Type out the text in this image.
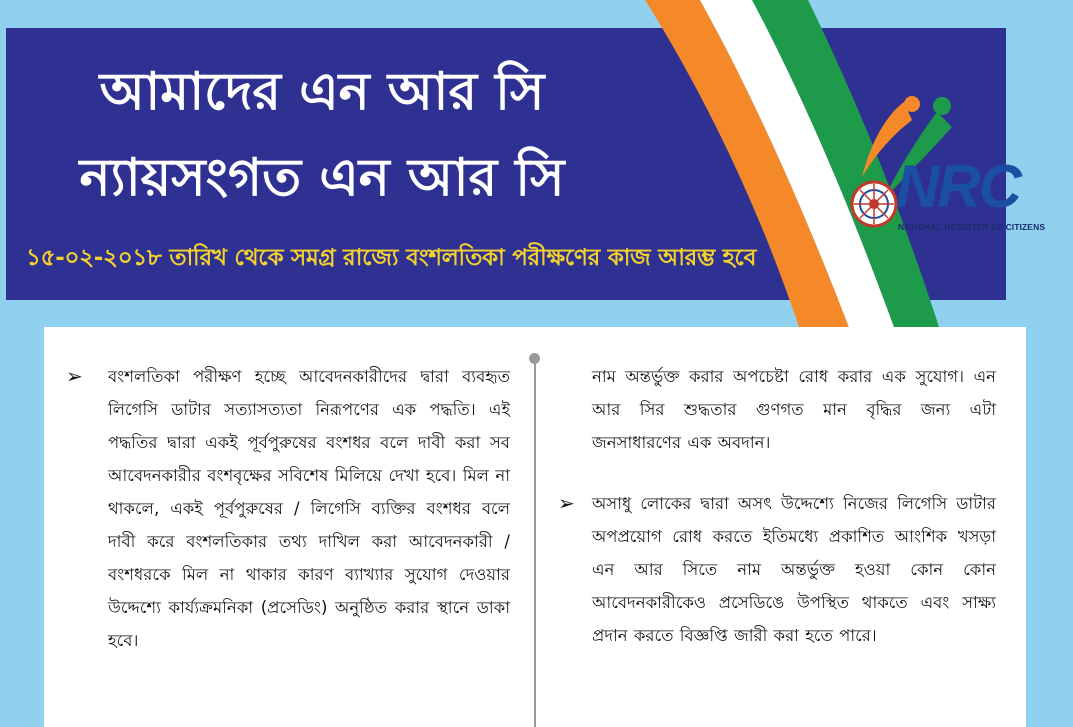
আমাদের এন আর সি
ন্যায়সংগত এন আর সি
১৫-০২-২০১৮ তারিখ থেকে সমগ্র রাজ্যে বংশলতিকা পরীক্ষণের কাজ আরম্ভ হবে
NRC
NATIONAL REGISTER OF CITIZENS
➢ বংশলতিকা পরীক্ষণ হচ্ছে আবেদনকারীদের দ্বারা ব্যবহৃত লিগেসি ডাটার সত্যাসত্যতা নিরূপণের এক পদ্ধতি। এই পদ্ধতির দ্বারা একই পূর্বপুরুষের বংশধর বলে দাবী করা সব আবেদনকারীর বংশবৃক্ষের সবিশেষ মিলিয়ে দেখা হবে। মিল না থাকলে, একই পূর্বপুরুষের / লিগেসি ব্যক্তির বংশধর বলে দাবী করে বংশলতিকার তথ্য দাখিল করা আবেদনকারী / বংশধরকে মিল না থাকার কারণ ব্যাখ্যার সুযোগ দেওয়ার উদ্দেশ্যে কার্য্যক্রমনিকা (প্রসেডিং) অনুষ্ঠিত করার স্থানে ডাকা হবে।

নাম অন্তর্ভুক্ত করার অপচেষ্টা রোধ করার এক সুযোগ। এন আর সির শুদ্ধতার গুণগত মান বৃদ্ধির জন্য এটা জনসাধারণের এক অবদান।

➢ অসাধু লোকের দ্বারা অসৎ উদ্দেশ্যে নিজের লিগেসি ডাটার অপপ্রয়োগ রোধ করতে ইতিমধ্যে প্রকাশিত আংশিক খসড়া এন আর সিতে নাম অন্তর্ভুক্ত হওয়া কোন কোন আবেদনকারীকেও প্রসেডিঙে উপস্থিত থাকতে এবং সাক্ষ্য প্রদান করতে বিজ্ঞপ্তি জারী করা হতে পারে।
